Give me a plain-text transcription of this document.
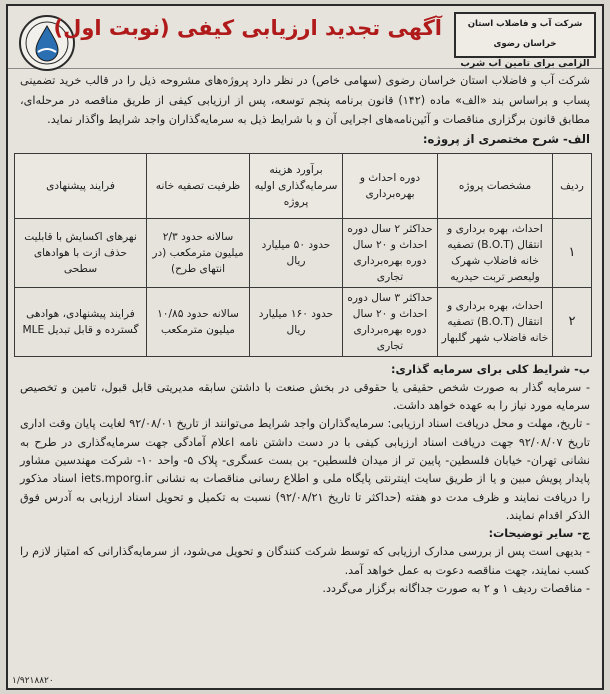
آگهی تجدید ارزیابی کیفی (نوبت اول)	شرکت آب و فاضلاب استان خراسان رضوی
الزامی برای تامین آب شرب
شرکت آب و فاضلاب استان خراسان رضوی (سهامی خاص) در نظر دارد پروژه‌های مشروحه ذیل را در قالب خرید تضمینی پساب و براساس بند «الف» ماده (۱۴۲) قانون برنامه پنجم توسعه، پس از ارزیابی کیفی از طریق مناقصه در مرحله‌ای، مطابق قانون برگزاری مناقصات و آئین‌نامه‌های اجرایی آن و با شرایط ذیل به سرمایه‌گذاران واجد شرایط واگذار نماید.
الف- شرح مختصری از پروژه:
ردیف	مشخصات پروژه	دوره احداث و بهره‌برداری	برآورد هزینه سرمایه‌گذاری اولیه پروژه	ظرفیت تصفیه خانه	فرایند پیشنهادی
۱	احداث، بهره برداری و انتقال (B.O.T) تصفیه خانه فاضلاب شهرک ولیعصر تربت حیدریه	حداکثر ۲ سال دوره احداث و ۲۰ سال دوره بهره‌برداری تجاری	حدود ۵۰ میلیارد ریال	سالانه حدود ۲/۳ میلیون مترمکعب (در انتهای طرح)	نهرهای اکسایش با قابلیت حذف ازت با هوادهای سطحی
۲	احداث، بهره برداری و انتقال (B.O.T) تصفیه خانه فاضلاب شهر گلبهار	حداکثر ۳ سال دوره احداث و ۲۰ سال دوره بهره‌برداری تجاری	حدود ۱۶۰ میلیارد ریال	سالانه حدود ۱۰/۸۵ میلیون مترمکعب	فرایند پیشنهادی، هوادهی گسترده و قابل تبدیل MLE

ب- شرایط کلی برای سرمایه گذاری:

- سرمایه گذار به صورت شخص حقیقی یا حقوقی در بخش صنعت با داشتن سابقه مدیریتی قابل قبول، تامین و تخصیص سرمایه مورد نیاز را به عهده خواهد داشت.

- تاریخ، مهلت و محل دریافت اسناد ارزیابی: سرمایه‌گذاران واجد شرایط می‌توانند از تاریخ ۹۲/۰۸/۰۱ لغایت پایان وقت اداری تاریخ ۹۲/۰۸/۰۷ جهت دریافت اسناد ارزیابی کیفی با در دست داشتن نامه اعلام آمادگی جهت سرمایه‌گذاری در طرح به نشانی تهران- خیابان فلسطین- پایین تر از میدان فلسطین- بن بست عسگری- پلاک ۵- واحد ۱۰- شرکت مهندسین مشاور پایدار پویش مبین و یا از طریق سایت اینترنتی پایگاه ملی و اطلاع رسانی مناقصات به نشانی iets.mporg.ir اسناد مذکور را دریافت نمایند و ظرف مدت دو هفته (حداکثر تا تاریخ ۹۲/۰۸/۲۱) نسبت به تکمیل و تحویل اسناد ارزیابی به آدرس فوق الذکر اقدام نمایند.

ج- سایر توضیحات:

- بدیهی است پس از بررسی مدارک ارزیابی که توسط شرکت کنندگان و تحویل می‌شود، از سرمایه‌گذارانی که امتیاز لازم را کسب نمایند، جهت مناقصه دعوت به عمل خواهد آمد.

- مناقصات ردیف ۱ و ۲ به صورت جداگانه برگزار می‌گردد.

۱/۹۲۱۸۸۲۰
